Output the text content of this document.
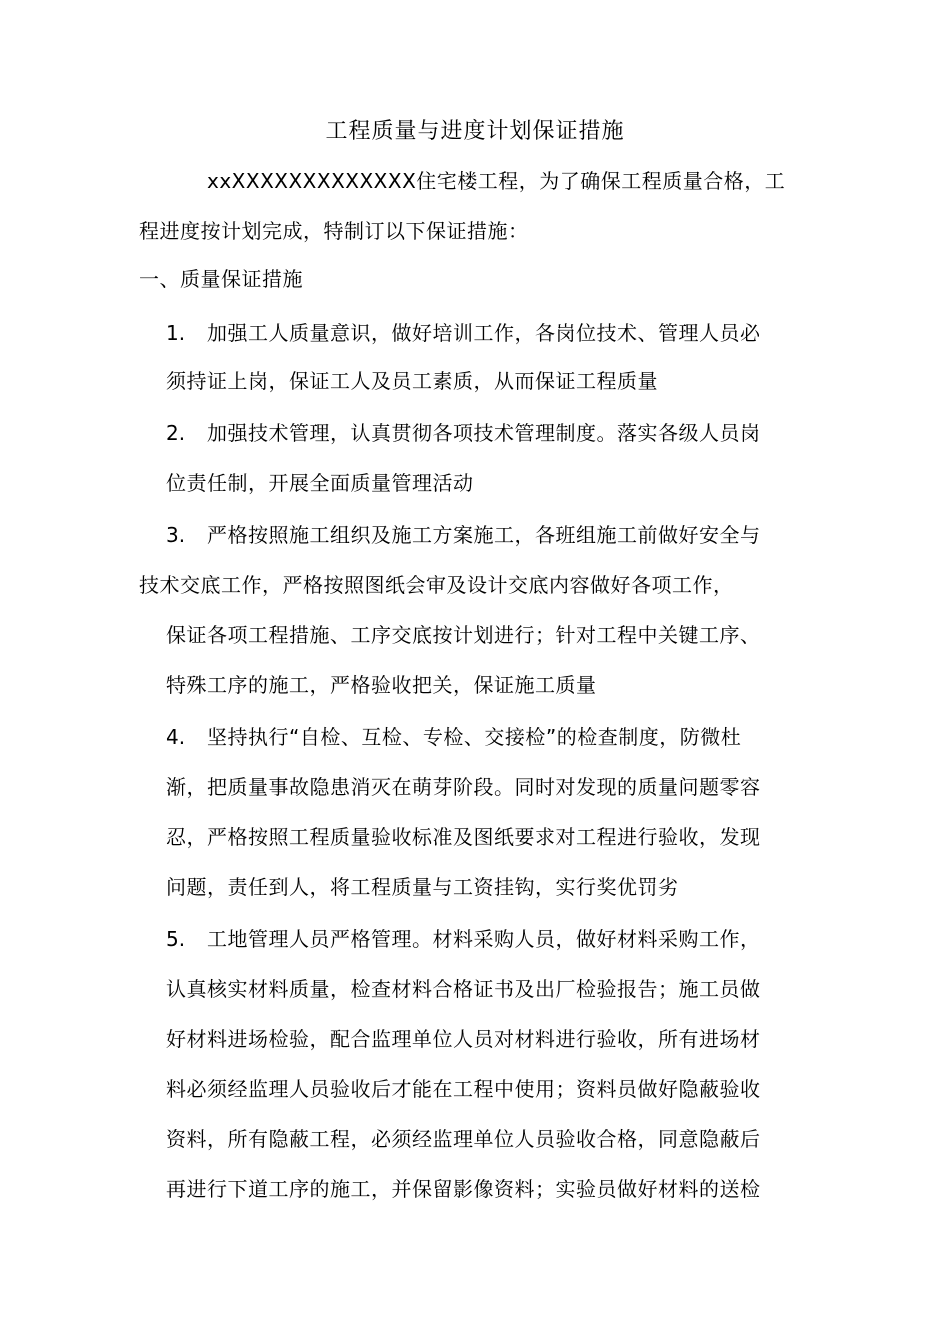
工程质量与进度计划保证措施
xxXXXXXXXXXXXXX住宅楼工程，为了确保工程质量合格，工
程进度按计划完成，特制订以下保证措施：
一、质量保证措施
1. 加强工人质量意识，做好培训工作，各岗位技术、管理人员必
须持证上岗，保证工人及员工素质，从而保证工程质量
2. 加强技术管理，认真贯彻各项技术管理制度。落实各级人员岗
位责任制，开展全面质量管理活动
3. 严格按照施工组织及施工方案施工，各班组施工前做好安全与
技术交底工作，严格按照图纸会审及设计交底内容做好各项工作，
保证各项工程措施、工序交底按计划进行；针对工程中关键工序、
特殊工序的施工，严格验收把关，保证施工质量
4. 坚持执行“自检、互检、专检、交接检”的检查制度，防微杜
渐，把质量事故隐患消灭在萌芽阶段。同时对发现的质量问题零容
忍，严格按照工程质量验收标准及图纸要求对工程进行验收，发现
问题，责任到人，将工程质量与工资挂钩，实行奖优罚劣
5. 工地管理人员严格管理。材料采购人员，做好材料采购工作，
认真核实材料质量，检查材料合格证书及出厂检验报告；施工员做
好材料进场检验，配合监理单位人员对材料进行验收，所有进场材
料必须经监理人员验收后才能在工程中使用；资料员做好隐蔽验收
资料，所有隐蔽工程，必须经监理单位人员验收合格，同意隐蔽后
再进行下道工序的施工，并保留影像资料；实验员做好材料的送检
